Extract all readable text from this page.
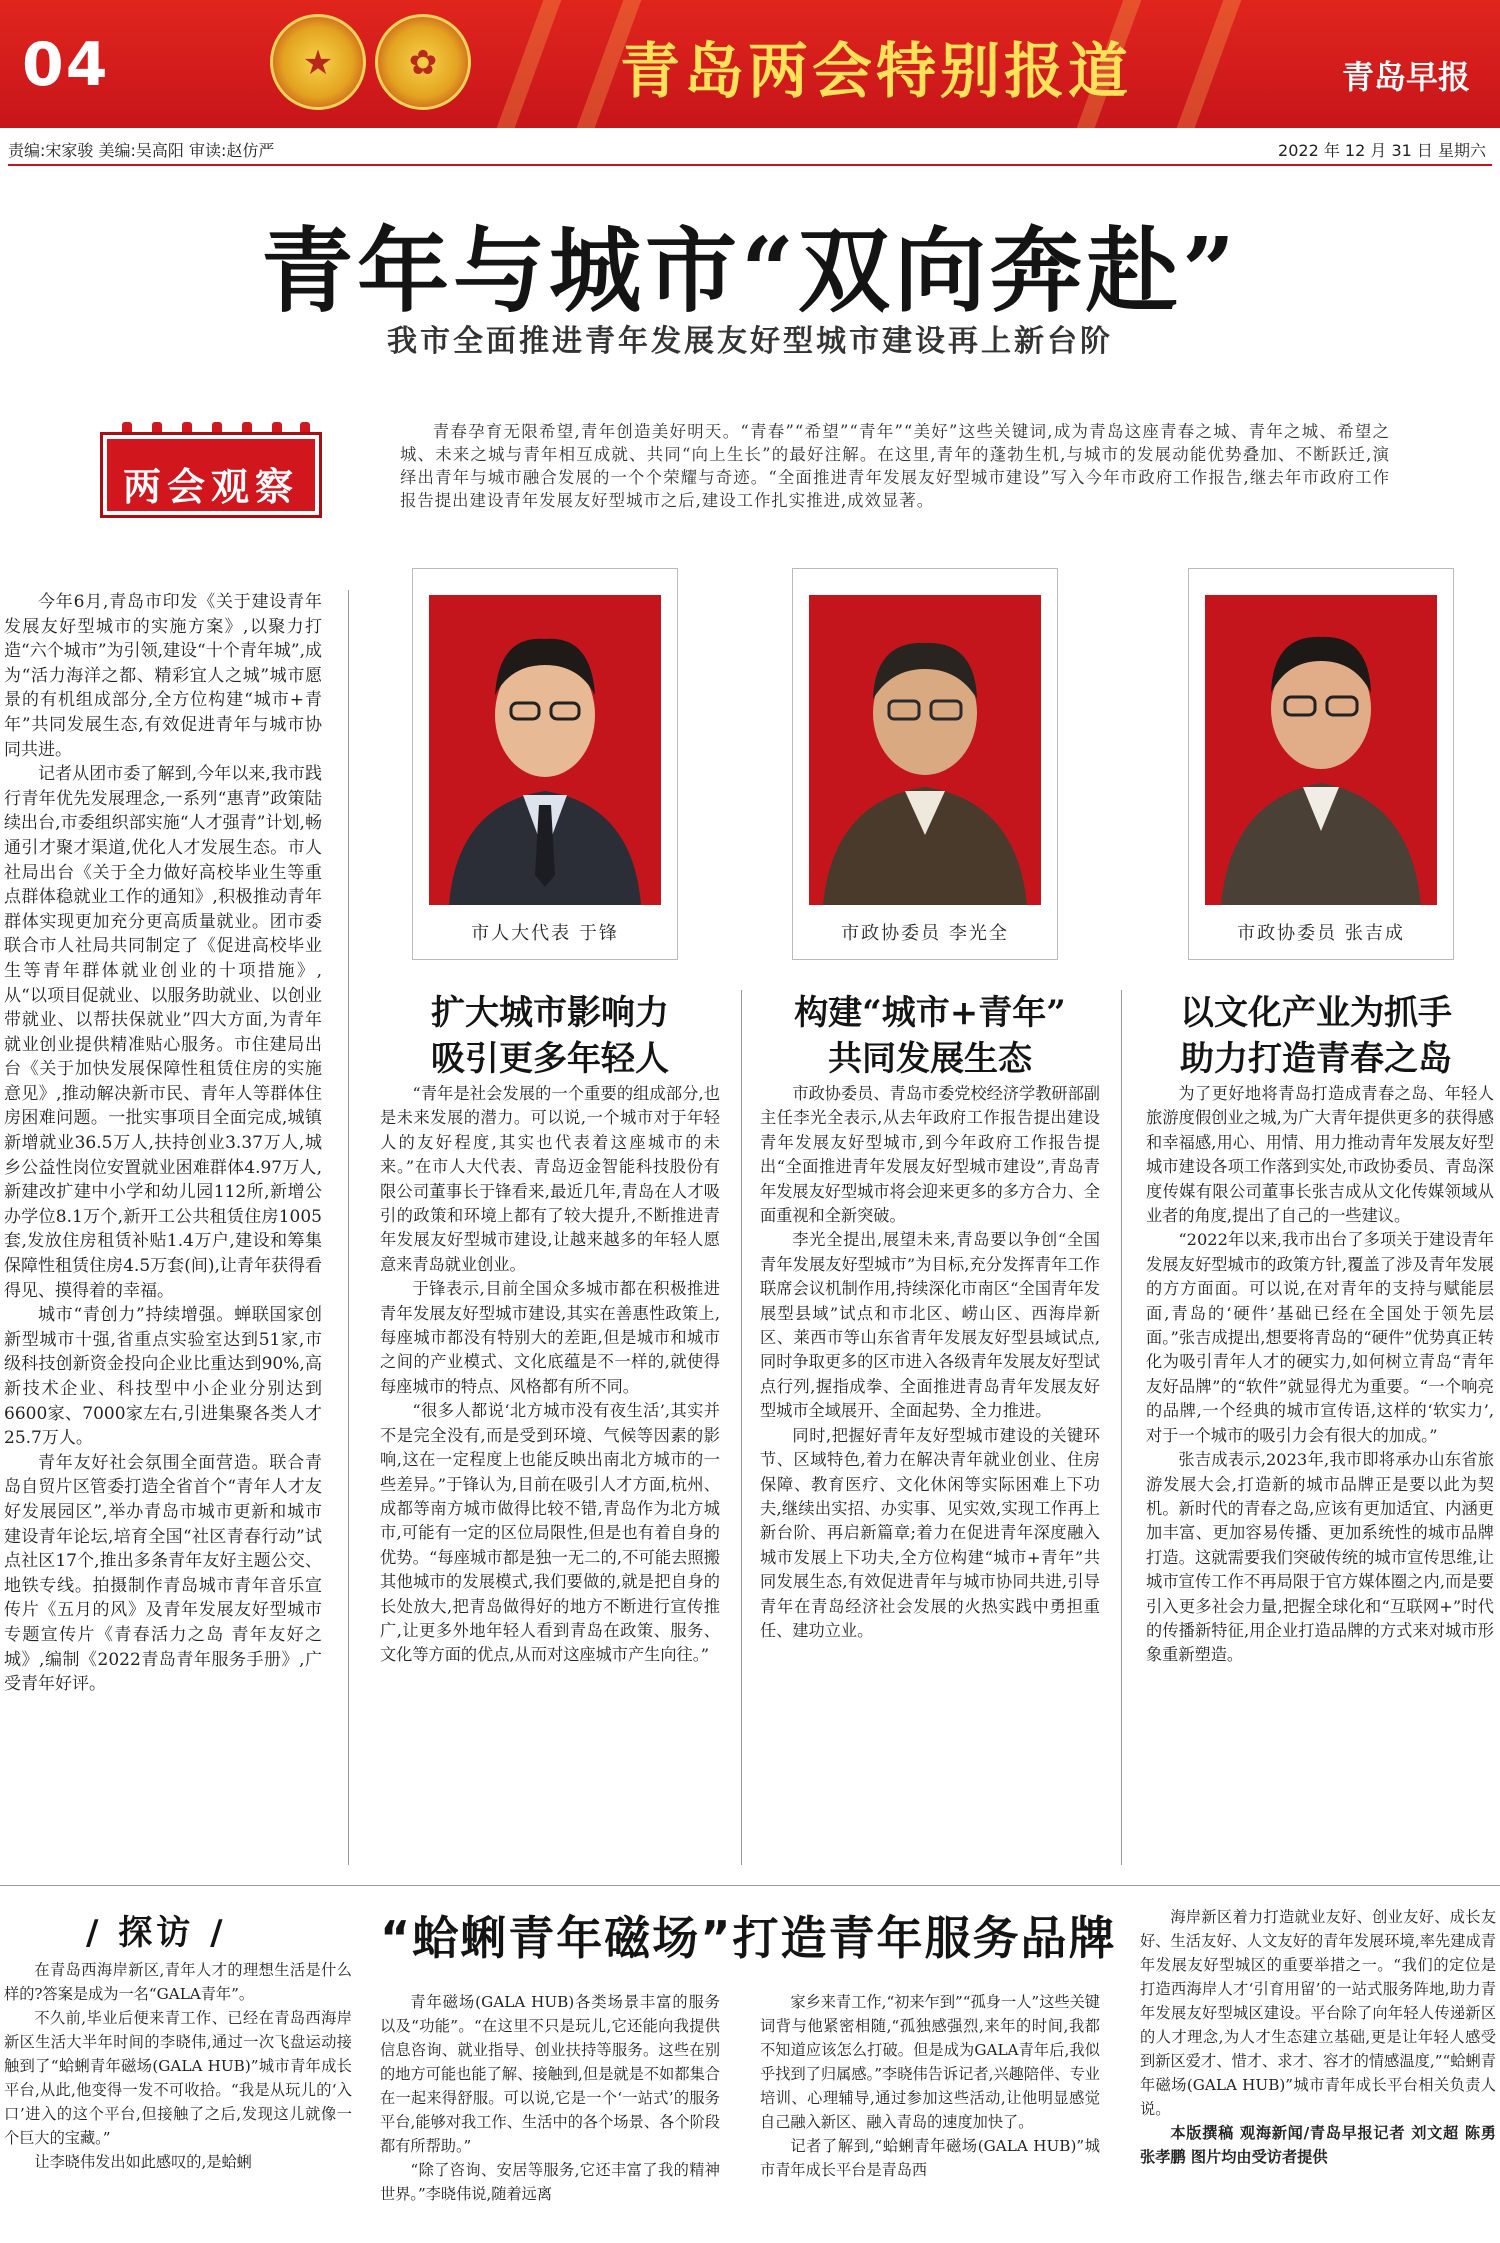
04	★	✿	青岛两会特别报道	青岛早报
责编:宋家骏 美编:吴高阳 审读:赵仿严	2022 年 12 月 31 日 星期六
青年与城市“双向奔赴”
我市全面推进青年发展友好型城市建设再上新台阶
两会观察
青春孕育无限希望,青年创造美好明天。“青春”“希望”“青年”“美好”这些关键词,成为青岛这座青春之城、青年之城、希望之城、未来之城与青年相互成就、共同“向上生长”的最好注解。在这里,青年的蓬勃生机,与城市的发展动能优势叠加、不断跃迁,演绎出青年与城市融合发展的一个个荣耀与奇迹。“全面推进青年发展友好型城市建设”写入今年市政府工作报告,继去年市政府工作报告提出建设青年发展友好型城市之后,建设工作扎实推进,成效显著。

今年6月,青岛市印发《关于建设青年发展友好型城市的实施方案》,以聚力打造“六个城市”为引领,建设“十个青年城”,成为“活力海洋之都、精彩宜人之城”城市愿景的有机组成部分,全方位构建“城市+青年”共同发展生态,有效促进青年与城市协同共进。

记者从团市委了解到,今年以来,我市践行青年优先发展理念,一系列“惠青”政策陆续出台,市委组织部实施“人才强青”计划,畅通引才聚才渠道,优化人才发展生态。市人社局出台《关于全力做好高校毕业生等重点群体稳就业工作的通知》,积极推动青年群体实现更加充分更高质量就业。团市委联合市人社局共同制定了《促进高校毕业生等青年群体就业创业的十项措施》,从“以项目促就业、以服务助就业、以创业带就业、以帮扶保就业”四大方面,为青年就业创业提供精准贴心服务。市住建局出台《关于加快发展保障性租赁住房的实施意见》,推动解决新市民、青年人等群体住房困难问题。一批实事项目全面完成,城镇新增就业36.5万人,扶持创业3.37万人,城乡公益性岗位安置就业困难群体4.97万人,新建改扩建中小学和幼儿园112所,新增公办学位8.1万个,新开工公共租赁住房1005套,发放住房租赁补贴1.4万户,建设和筹集保障性租赁住房4.5万套(间),让青年获得看得见、摸得着的幸福。

城市“青创力”持续增强。蝉联国家创新型城市十强,省重点实验室达到51家,市级科技创新资金投向企业比重达到90%,高新技术企业、科技型中小企业分别达到6600家、7000家左右,引进集聚各类人才25.7万人。

青年友好社会氛围全面营造。联合青岛自贸片区管委打造全省首个“青年人才友好发展园区”,举办青岛市城市更新和城市建设青年论坛,培育全国“社区青春行动”试点社区17个,推出多条青年友好主题公交、地铁专线。拍摄制作青岛城市青年音乐宣传片《五月的风》及青年发展友好型城市专题宣传片《青春活力之岛 青年友好之城》,编制《2022青岛青年服务手册》,广受青年好评。

市人大代表 于锋	市政协委员 李光全	市政协委员 张吉成
扩大城市影响力
吸引更多年轻人
构建“城市+青年”
共同发展生态
以文化产业为抓手
助力打造青春之岛

“青年是社会发展的一个重要的组成部分,也是未来发展的潜力。可以说,一个城市对于年轻人的友好程度,其实也代表着这座城市的未来。”在市人大代表、青岛迈金智能科技股份有限公司董事长于锋看来,最近几年,青岛在人才吸引的政策和环境上都有了较大提升,不断推进青年发展友好型城市建设,让越来越多的年轻人愿意来青岛就业创业。

于锋表示,目前全国众多城市都在积极推进青年发展友好型城市建设,其实在善惠性政策上,每座城市都没有特别大的差距,但是城市和城市之间的产业模式、文化底蕴是不一样的,就使得每座城市的特点、风格都有所不同。

“很多人都说‘北方城市没有夜生活’,其实并不是完全没有,而是受到环境、气候等因素的影响,这在一定程度上也能反映出南北方城市的一些差异。”于锋认为,目前在吸引人才方面,杭州、成都等南方城市做得比较不错,青岛作为北方城市,可能有一定的区位局限性,但是也有着自身的优势。“每座城市都是独一无二的,不可能去照搬其他城市的发展模式,我们要做的,就是把自身的长处放大,把青岛做得好的地方不断进行宣传推广,让更多外地年轻人看到青岛在政策、服务、文化等方面的优点,从而对这座城市产生向往。”

市政协委员、青岛市委党校经济学教研部副主任李光全表示,从去年政府工作报告提出建设青年发展友好型城市,到今年政府工作报告提出“全面推进青年发展友好型城市建设”,青岛青年发展友好型城市将会迎来更多的多方合力、全面重视和全新突破。

李光全提出,展望未来,青岛要以争创“全国青年发展友好型城市”为目标,充分发挥青年工作联席会议机制作用,持续深化市南区“全国青年发展型县域”试点和市北区、崂山区、西海岸新区、莱西市等山东省青年发展友好型县域试点,同时争取更多的区市进入各级青年发展友好型试点行列,握指成拳、全面推进青岛青年发展友好型城市全域展开、全面起势、全力推进。

同时,把握好青年友好型城市建设的关键环节、区域特色,着力在解决青年就业创业、住房保障、教育医疗、文化休闲等实际困难上下功夫,继续出实招、办实事、见实效,实现工作再上新台阶、再启新篇章;着力在促进青年深度融入城市发展上下功夫,全方位构建“城市+青年”共同发展生态,有效促进青年与城市协同共进,引导青年在青岛经济社会发展的火热实践中勇担重任、建功立业。

为了更好地将青岛打造成青春之岛、年轻人旅游度假创业之城,为广大青年提供更多的获得感和幸福感,用心、用情、用力推动青年发展友好型城市建设各项工作落到实处,市政协委员、青岛深度传媒有限公司董事长张吉成从文化传媒领域从业者的角度,提出了自己的一些建议。

“2022年以来,我市出台了多项关于建设青年发展友好型城市的政策方针,覆盖了涉及青年发展的方方面面。可以说,在对青年的支持与赋能层面,青岛的‘硬件’基础已经在全国处于领先层面。”张吉成提出,想要将青岛的“硬件”优势真正转化为吸引青年人才的硬实力,如何树立青岛“青年友好品牌”的“软件”就显得尤为重要。“一个响亮的品牌,一个经典的城市宣传语,这样的‘软实力’,对于一个城市的吸引力会有很大的加成。”

张吉成表示,2023年,我市即将承办山东省旅游发展大会,打造新的城市品牌正是要以此为契机。新时代的青春之岛,应该有更加适宜、内涵更加丰富、更加容易传播、更加系统性的城市品牌打造。这就需要我们突破传统的城市宣传思维,让城市宣传工作不再局限于官方媒体圈之内,而是要引入更多社会力量,把握全球化和“互联网+”时代的传播新特征,用企业打造品牌的方式来对城市形象重新塑造。

/ 探访 /	“蛤蜊青年磁场”打造青年服务品牌

在青岛西海岸新区,青年人才的理想生活是什么样的?答案是成为一名“GALA青年”。

不久前,毕业后便来青工作、已经在青岛西海岸新区生活大半年时间的李晓伟,通过一次飞盘运动接触到了“蛤蜊青年磁场(GALA HUB)”城市青年成长平台,从此,他变得一发不可收拾。“我是从玩儿的‘入口’进入的这个平台,但接触了之后,发现这儿就像一个巨大的宝藏。”

让李晓伟发出如此感叹的,是蛤蜊

青年磁场(GALA HUB)各类场景丰富的服务以及“功能”。“在这里不只是玩儿,它还能向我提供信息咨询、就业指导、创业扶持等服务。这些在别的地方可能也能了解、接触到,但是就是不如都集合在一起来得舒服。可以说,它是一个‘一站式’的服务平台,能够对我工作、生活中的各个场景、各个阶段都有所帮助。”

“除了咨询、安居等服务,它还丰富了我的精神世界。”李晓伟说,随着远离

家乡来青工作,“初来乍到”“孤身一人”这些关键词背与他紧密相随,“孤独感强烈,来年的时间,我都不知道应该怎么打破。但是成为GALA青年后,我似乎找到了归属感。”李晓伟告诉记者,兴趣陪伴、专业培训、心理辅导,通过参加这些活动,让他明显感觉自己融入新区、融入青岛的速度加快了。

记者了解到,“蛤蜊青年磁场(GALA HUB)”城市青年成长平台是青岛西

海岸新区着力打造就业友好、创业友好、成长友好、生活友好、人文友好的青年发展环境,率先建成青年发展友好型城区的重要举措之一。“我们的定位是打造西海岸人才‘引育用留’的一站式服务阵地,助力青年发展友好型城区建设。平台除了向年轻人传递新区的人才理念,为人才生态建立基础,更是让年轻人感受到新区爱才、惜才、求才、容才的情感温度,”“蛤蜊青年磁场(GALA HUB)”城市青年成长平台相关负责人说。

本版撰稿 观海新闻/青岛早报记者 刘文超 陈勇 张孝鹏 图片均由受访者提供
